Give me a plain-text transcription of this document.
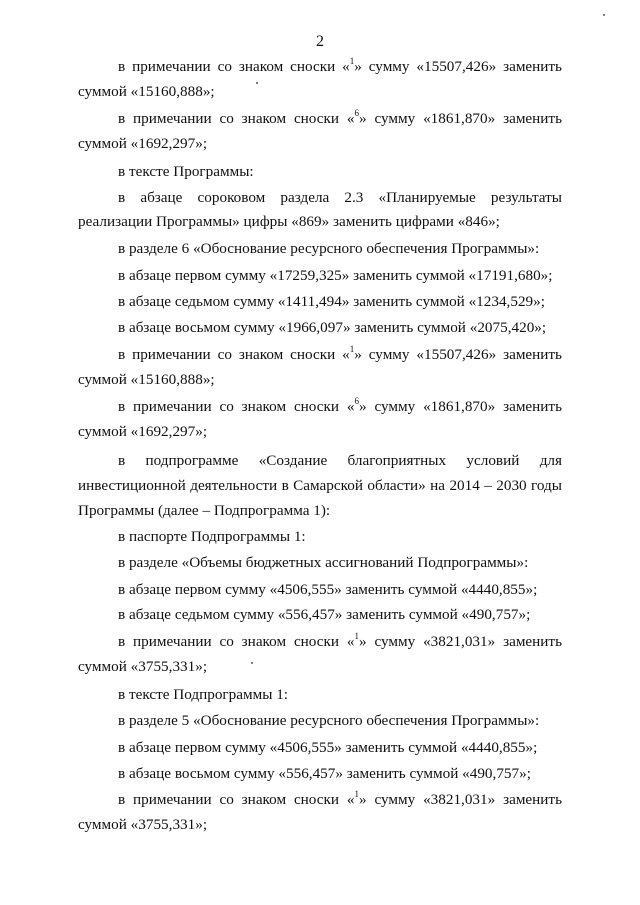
2
в примечании со знаком сноски «$^1$» сумму «15507,426» заменить
суммой «15160,888»;
в примечании со знаком сноски «$^6$» сумму «1861,870» заменить
суммой «1692,297»;
в тексте Программы:
в абзаце сороковом раздела 2.3 «Планируемые результаты
реализации Программы» цифры «869» заменить цифрами «846»;
в разделе 6 «Обоснование ресурсного обеспечения Программы»:
в абзаце первом сумму «17259,325» заменить суммой «17191,680»;
в абзаце седьмом сумму «1411,494» заменить суммой «1234,529»;
в абзаце восьмом сумму «1966,097» заменить суммой «2075,420»;
в примечании со знаком сноски «$^1$» сумму «15507,426» заменить
суммой «15160,888»;
в примечании со знаком сноски «$^6$» сумму «1861,870» заменить
суммой «1692,297»;
в подпрограмме «Создание благоприятных условий для
инвестиционной деятельности в Самарской области» на 2014 – 2030 годы
Программы (далее – Подпрограмма 1):
в паспорте Подпрограммы 1:
в разделе «Объемы бюджетных ассигнований Подпрограммы»:
в абзаце первом сумму «4506,555» заменить суммой «4440,855»;
в абзаце седьмом сумму «556,457» заменить суммой «490,757»;
в примечании со знаком сноски «$^1$» сумму «3821,031» заменить
суммой «3755,331»;
в тексте Подпрограммы 1:
в разделе 5 «Обоснование ресурсного обеспечения Программы»:
в абзаце первом сумму «4506,555» заменить суммой «4440,855»;
в абзаце восьмом сумму «556,457» заменить суммой «490,757»;
в примечании со знаком сноски «$^1$» сумму «3821,031» заменить
суммой «3755,331»;
